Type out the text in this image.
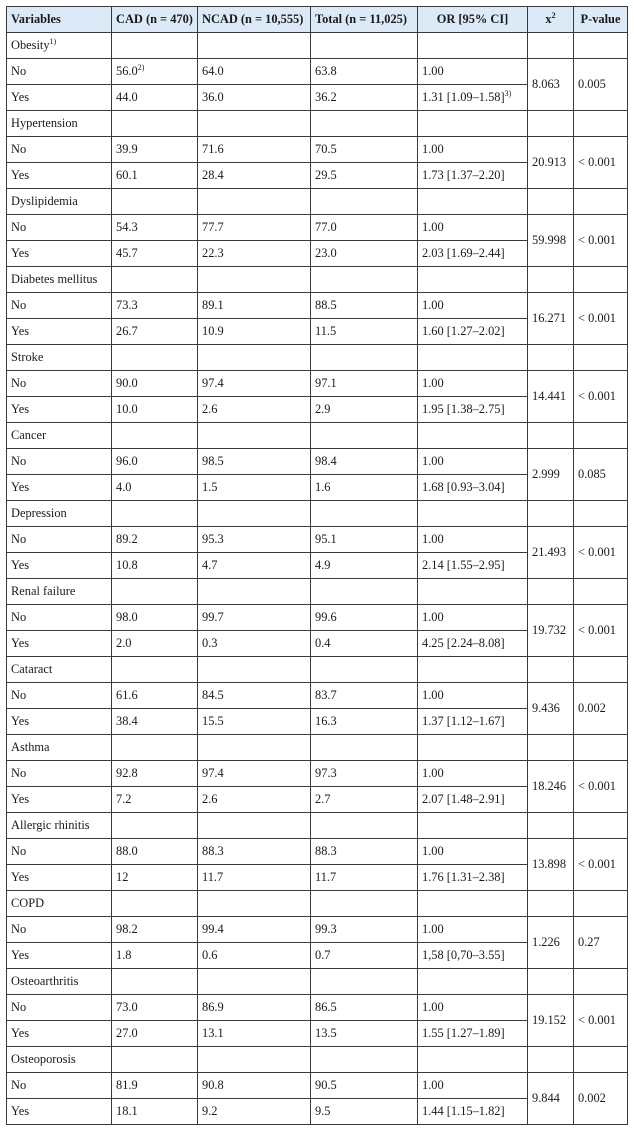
Variables	CAD (n = 470)	NCAD (n = 10,555)	Total (n = 11,025)	OR [95% CI]	$x^2$	P-value
Obesity$^{1)}$						
No	56.0$^{2)}$	64.0	63.8	1.00	8.063	0.005
Yes	44.0	36.0	36.2	1.31 $[1.09-1.58]^{3)}$
Hypertension						
No	39.9	71.6	70.5	1.00	20.913	< 0.001
Yes	60.1	28.4	29.5	1.73 [1.37–2.20]		
Dyslipidemia						
No	54.3	77.7	77.0	1.00	59.998	< 0.001
Yes	45.7	22.3	23.0	2.03 [1.69–2.44]		
Diabetes mellitus						
No	73.3	89.1	88.5	1.00	16.271	< 0.001
Yes	26.7	10.9	11.5	1.60 [1.27–2.02]		
Stroke						
No	90.0	97.4	97.1	1.00	14.441	< 0.001
Yes	10.0	2.6	2.9	1.95 [1.38–2.75]		
Cancer						
No	96.0	98.5	98.4	1.00	2.999	0.085
Yes	4.0	1.5	1.6	1.68 [0.93–3.04]		
Depression						
No	89.2	95.3	95.1	1.00	21.493	< 0.001
Yes	10.8	4.7	4.9	2.14 [1.55–2.95]		
Renal failure						
No	98.0	99.7	99.6	1.00	19.732	< 0.001
Yes	2.0	0.3	0.4	4.25 [2.24–8.08]		
Cataract						
No	61.6	84.5	83.7	1.00	9.436	0.002
Yes	38.4	15.5	16.3	1.37 [1.12–1.67]		
Asthma						
No	92.8	97.4	97.3	1.00	18.246	< 0.001
Yes	7.2	2.6	2.7	2.07 [1.48–2.91]		
Allergic rhinitis						
No	88.0	88.3	88.3	1.00	13.898	< 0.001
Yes	12	11.7	11.7	1.76 [1.31–2.38]		
COPD						
No	98.2	99.4	99.3	1.00	1.226	0.27
Yes	1.8	0.6	0.7	1,58 [0,70–3.55]		
Osteoarthritis						
No	73.0	86.9	86.5	1.00	19.152	< 0.001
Yes	27.0	13.1	13.5	1.55 [1.27–1.89]		
Osteoporosis						
No	81.9	90.8	90.5	1.00	9.844	0.002
Yes	18.1	9.2	9.5	1.44 [1.15–1.82]		
